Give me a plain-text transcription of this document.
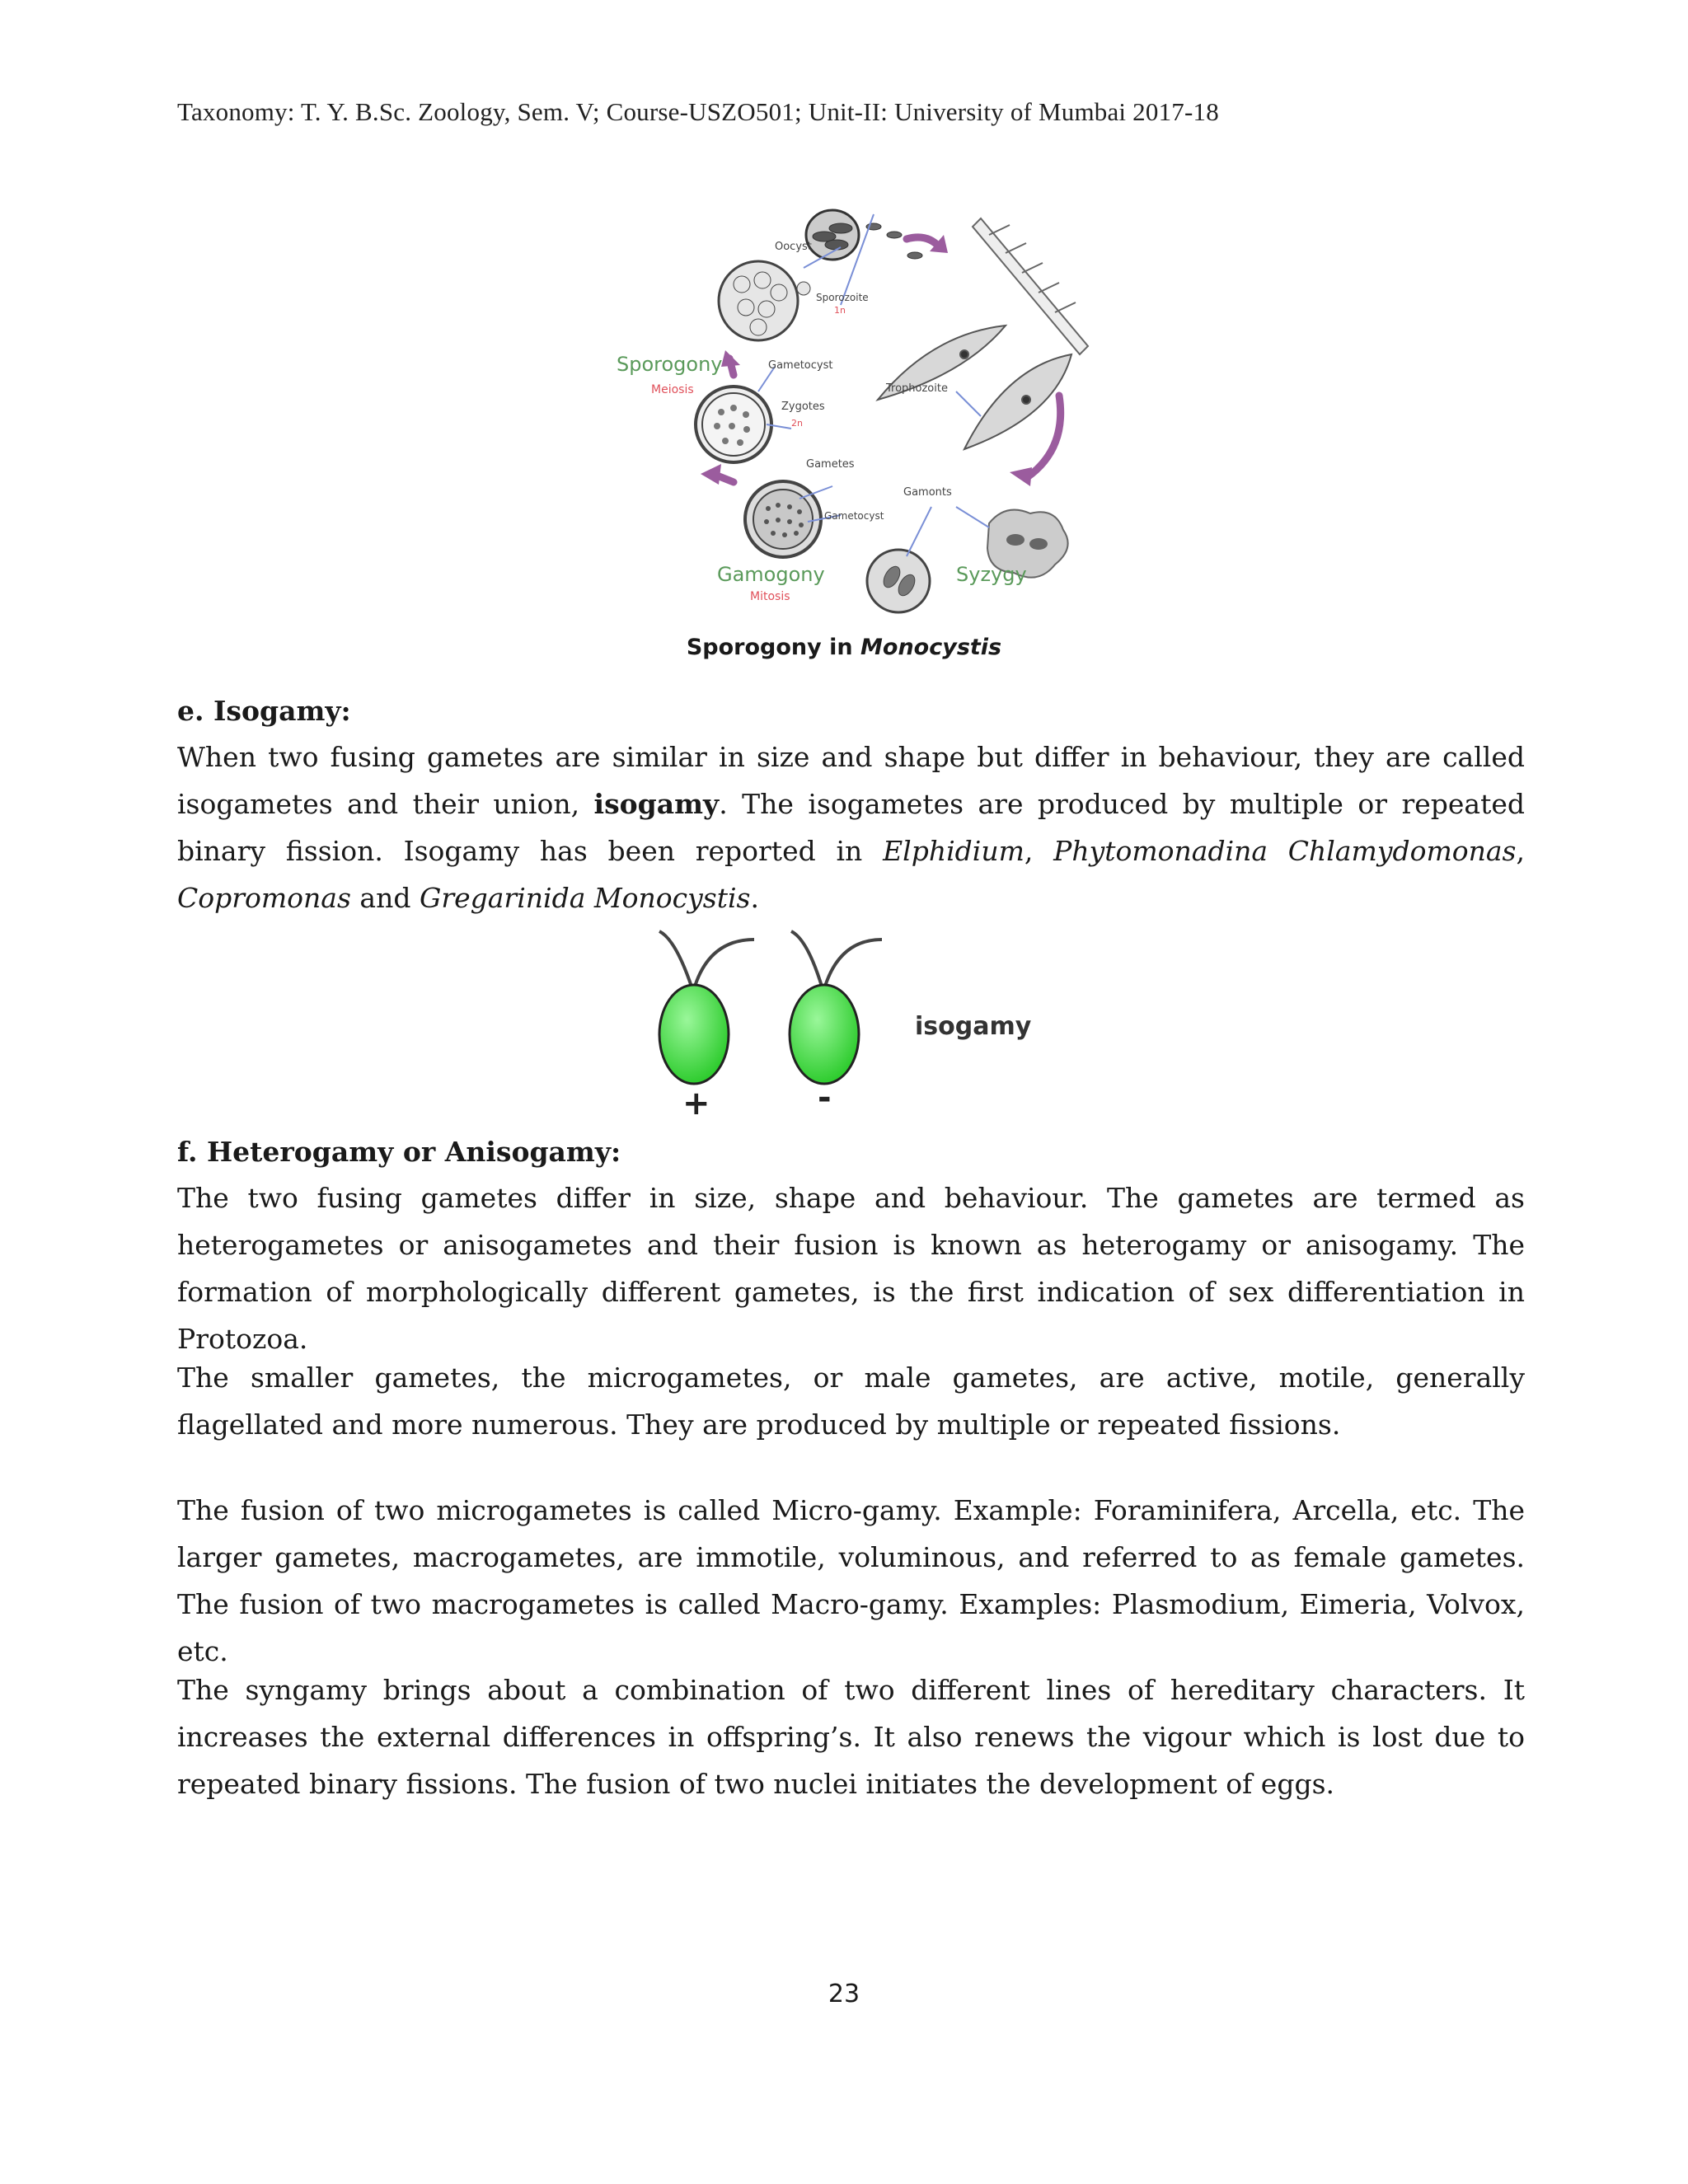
Taxonomy: T. Y. B.Sc. Zoology, Sem. V; Course-USZO501; Unit-II: University of Mumbai 2017-18
Oocyst
Sporozoite
1n
Sporogony
Meiosis
Gametocyst
Zygotes
2n
Trophozoite
Gametes
Gamonts
Gametocyst
Gamogony
Mitosis
Syzygy
Sporogony in Monocystis
e. Isogamy:

When two fusing gametes are similar in size and shape but differ in behaviour, they are called isogametes and their union, isogamy. The isogametes are produced by multiple or repeated binary fission. Isogamy has been reported in Elphidium, Phytomonadina Chlamydomonas, Copromonas and Gregarinida Monocystis.

+	-
isogamy
f. Heterogamy or Anisogamy:

The two fusing gametes differ in size, shape and behaviour. The gametes are termed as heterogametes or anisogametes and their fusion is known as heterogamy or anisogamy. The formation of morphologically different gametes, is the first indication of sex differentiation in Protozoa.

The smaller gametes, the microgametes, or male gametes, are active, motile, generally flagellated and more numerous. They are produced by multiple or repeated fissions.

The fusion of two microgametes is called Micro-gamy. Example: Foraminifera, Arcella, etc. The larger gametes, macrogametes, are immotile, voluminous, and referred to as female gametes. The fusion of two macrogametes is called Macro-gamy. Examples: Plasmodium, Eimeria, Volvox, etc.

The syngamy brings about a combination of two different lines of hereditary characters. It increases the external differences in offspring’s. It also renews the vigour which is lost due to repeated binary fissions. The fusion of two nuclei initiates the development of eggs.

23
